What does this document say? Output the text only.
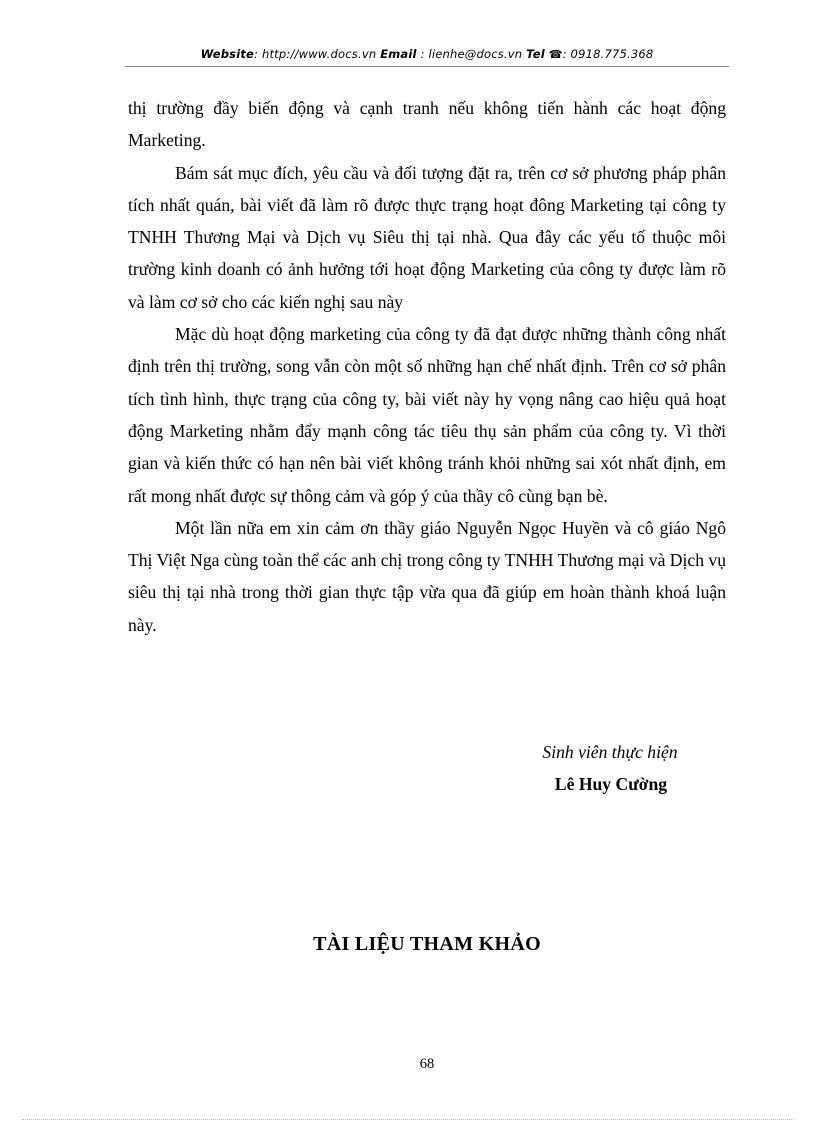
Website: http://www.docs.vn Email : lienhe@docs.vn Tel ☎: 0918.775.368

thị trường đầy biến động và cạnh tranh nếu không tiến hành các hoạt động Marketing.

Bám sát mục đích, yêu cầu và đối tượng đặt ra, trên cơ sở phương pháp phân tích nhất quán, bài viết đã làm rõ được thực trạng hoạt đông Marketing tại công ty TNHH Thương Mại và Dịch vụ Siêu thị tại nhà. Qua đây các yếu tố thuộc môi trường kinh doanh có ảnh hưởng tới hoạt động Marketing của công ty được làm rõ và làm cơ sở cho các kiến nghị sau này

Mặc dù hoạt động marketing của công ty đã đạt được những thành công nhất định trên thị trường, song vẫn còn một số những hạn chế nhất định. Trên cơ sở phân tích tình hình, thực trạng của công ty, bài viết này hy vọng nâng cao hiệu quả hoạt động Marketing nhằm đẩy mạnh công tác tiêu thụ sản phẩm của công ty. Vì thời gian và kiến thức có hạn nên bài viết không tránh khỏi những sai xót nhất định, em rất mong nhất được sự thông cảm và góp ý của thầy cô cùng bạn bè.

Một lần nữa em xin cảm ơn thầy giáo Nguyễn Ngọc Huyền và cô giáo Ngô Thị Việt Nga cùng toàn thể các anh chị trong công ty TNHH Thương mại và Dịch vụ siêu thị tại nhà trong thời gian thực tập vừa qua đã giúp em hoàn thành khoá luận này.

Sinh viên thực hiện
Lê Huy Cường
TÀI LIỆU THAM KHẢO
68
